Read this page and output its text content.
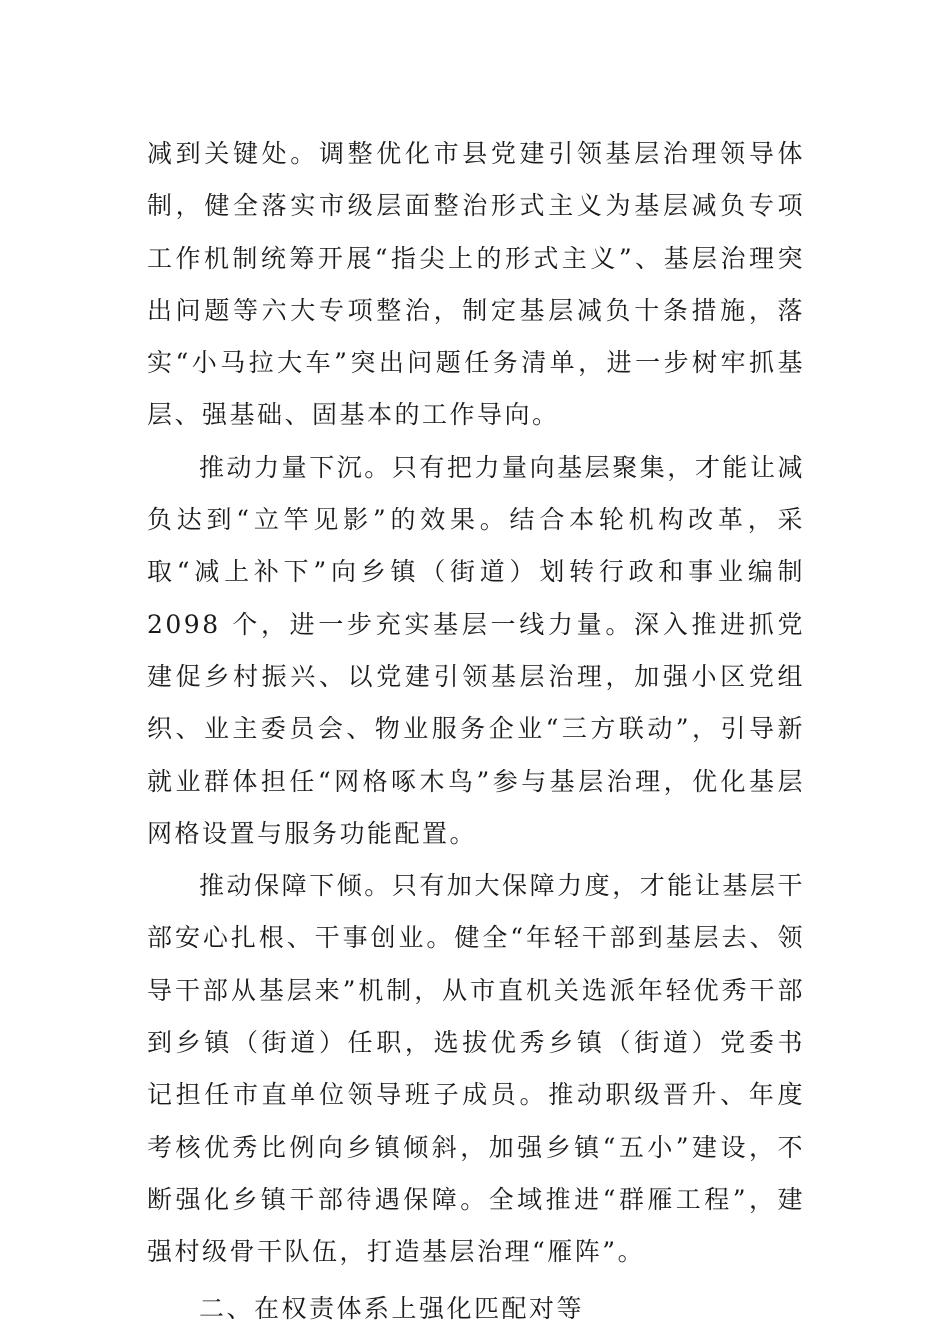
减到关键处。调整优化市县党建引领基层治理领导体制，健全落实市级层面整治形式主义为基层减负专项工作机制统筹开展“指尖上的形式主义”、基层治理突出问题等六大专项整治，制定基层减负十条措施，落实“小马拉大车”突出问题任务清单，进一步树牢抓基层、强基础、固基本的工作导向。

推动力量下沉。只有把力量向基层聚集，才能让减负达到“立竿见影”的效果。结合本轮机构改革，采取“减上补下”向乡镇（街道）划转行政和事业编制 2098 个，进一步充实基层一线力量。深入推进抓党建促乡村振兴、以党建引领基层治理，加强小区党组织、业主委员会、物业服务企业“三方联动”，引导新就业群体担任“网格啄木鸟”参与基层治理，优化基层网格设置与服务功能配置。

推动保障下倾。只有加大保障力度，才能让基层干部安心扎根、干事创业。健全“年轻干部到基层去、领导干部从基层来”机制，从市直机关选派年轻优秀干部到乡镇（街道）任职，选拔优秀乡镇（街道）党委书记担任市直单位领导班子成员。推动职级晋升、年度考核优秀比例向乡镇倾斜，加强乡镇“五小”建设，不断强化乡镇干部待遇保障。全域推进“群雁工程”，建强村级骨干队伍，打造基层治理“雁阵”。

二、在权责体系上强化匹配对等
